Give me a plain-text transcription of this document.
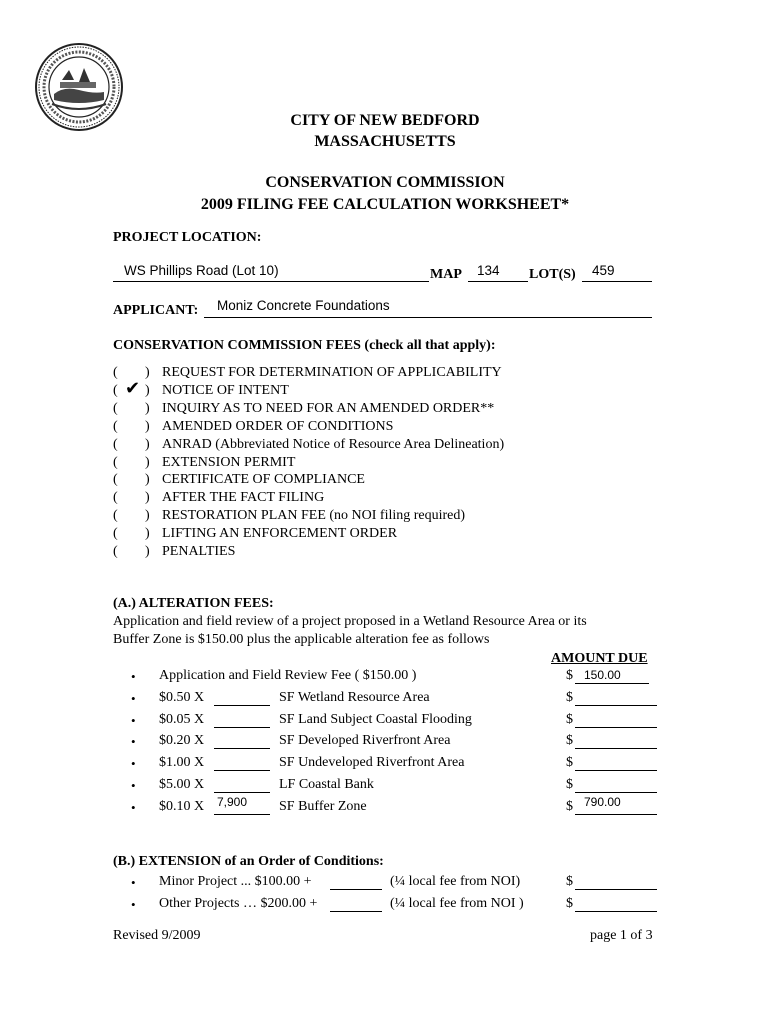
CITY OF NEW BEDFORD
MASSACHUSETTS
CONSERVATION COMMISSION
2009 FILING FEE CALCULATION WORKSHEET*
PROJECT LOCATION:
WS Phillips Road (Lot 10)	MAP 134 LOT(S) 459
APPLICANT: Moniz Concrete Foundations
CONSERVATION COMMISSION FEES (check all that apply):
( ) REQUEST FOR DETERMINATION OF APPLICABILITY
( ✔ ) NOTICE OF INTENT
( ) INQUIRY AS TO NEED FOR AN AMENDED ORDER**
( ) AMENDED ORDER OF CONDITIONS
( ) ANRAD (Abbreviated Notice of Resource Area Delineation)
( ) EXTENSION PERMIT
( ) CERTIFICATE OF COMPLIANCE
( ) AFTER THE FACT FILING
( ) RESTORATION PLAN FEE (no NOI filing required)
( ) LIFTING AN ENFORCEMENT ORDER
( ) PENALTIES
(A.) ALTERATION FEES:
Application and field review of a project proposed in a Wetland Resource Area or its
Buffer Zone is $150.00 plus the applicable alteration fee as follows
AMOUNT DUE
• Application and Field Review Fee ( $150.00 )	$ 150.00
• $0.50 X	SF Wetland Resource Area	$
• $0.05 X	SF Land Subject Coastal Flooding	$
• $0.20 X	SF Developed Riverfront Area	$
• $1.00 X	SF Undeveloped Riverfront Area	$
• $5.00 X	LF Coastal Bank	$
• $0.10 X 7,900 SF Buffer Zone	$ 790.00
(B.) EXTENSION of an Order of Conditions:
• Minor Project ... $100.00 +	(¼ local fee from NOI)	$
• Other Projects … $200.00 +	(¼ local fee from NOI )	$
Revised 9/2009	page 1 of 3
